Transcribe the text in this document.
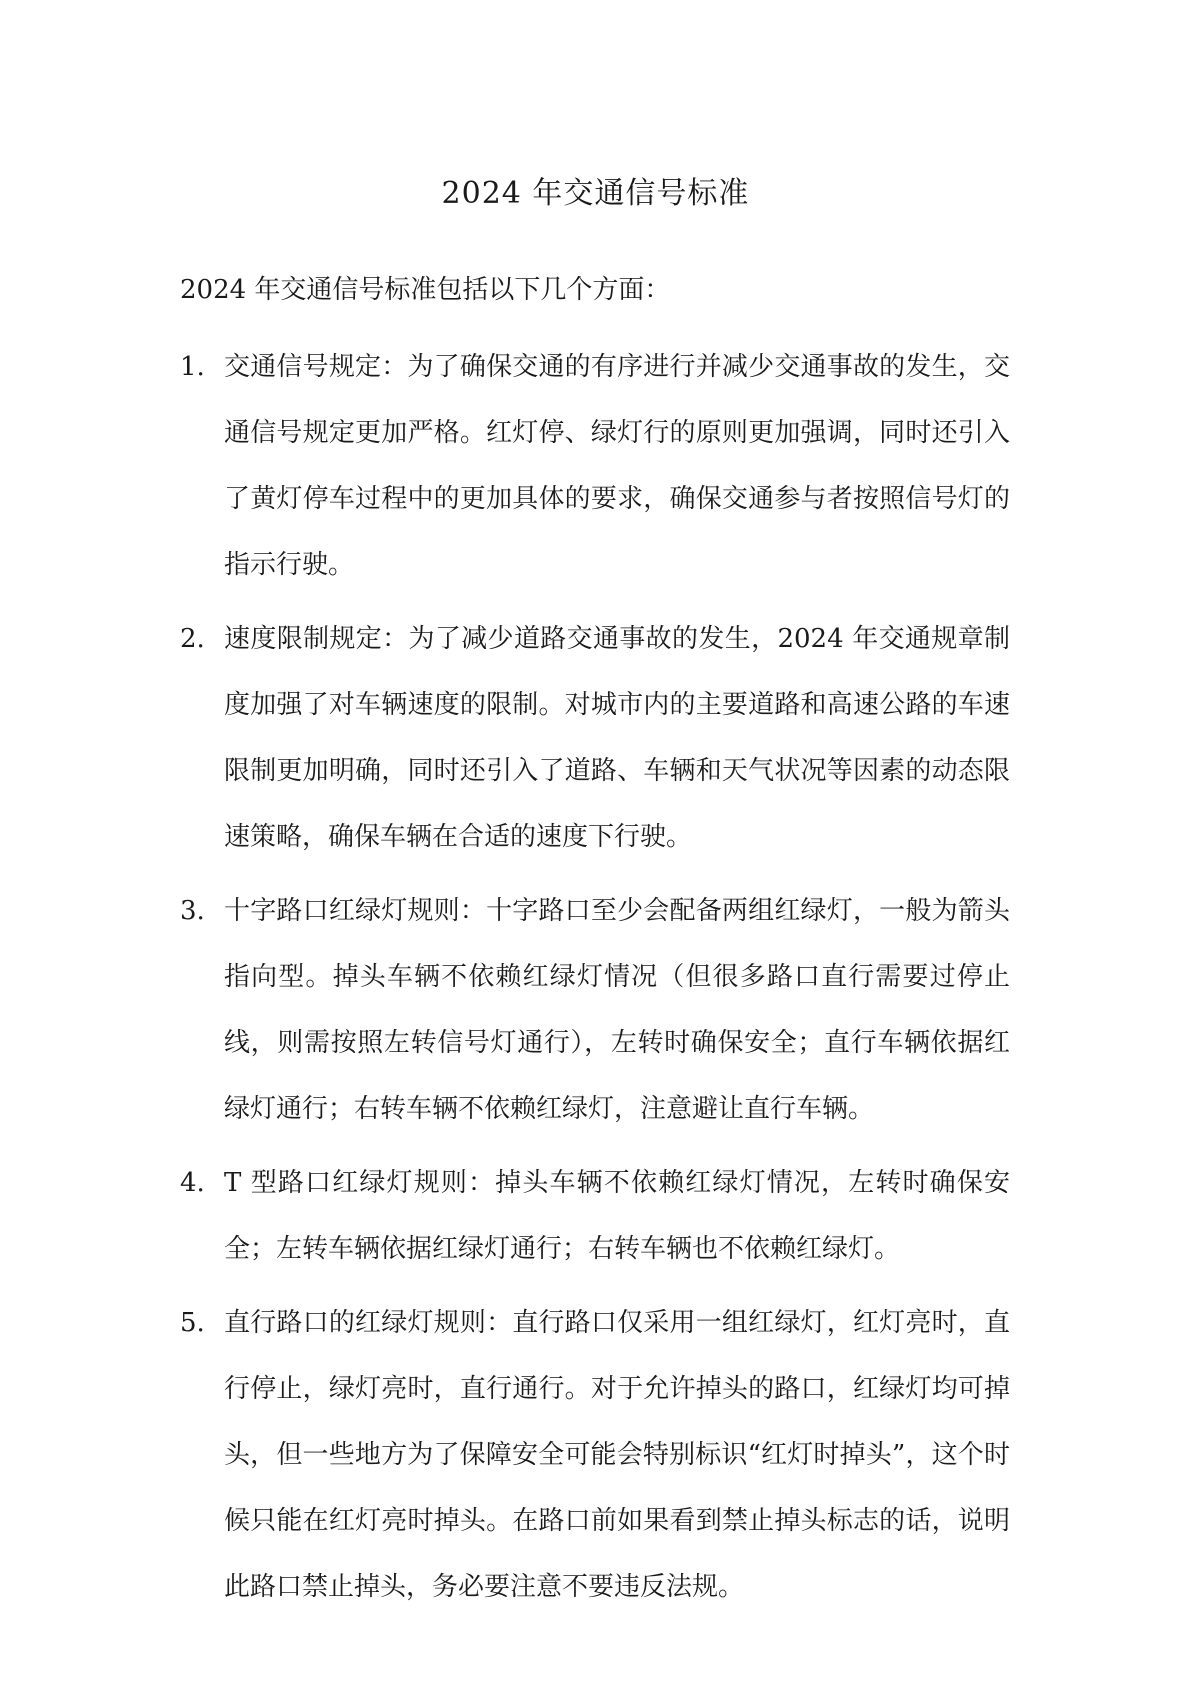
2024 年交通信号标准
2024 年交通信号标准包括以下几个方面：
1. 交通信号规定：为了确保交通的有序进行并减少交通事故的发生，交通信号规定更加严格。红灯停、绿灯行的原则更加强调，同时还引入了黄灯停车过程中的更加具体的要求，确保交通参与者按照信号灯的指示行驶。
2. 速度限制规定：为了减少道路交通事故的发生，2024 年交通规章制度加强了对车辆速度的限制。对城市内的主要道路和高速公路的车速限制更加明确，同时还引入了道路、车辆和天气状况等因素的动态限速策略，确保车辆在合适的速度下行驶。
3. 十字路口红绿灯规则：十字路口至少会配备两组红绿灯，一般为箭头指向型。掉头车辆不依赖红绿灯情况（但很多路口直行需要过停止线，则需按照左转信号灯通行），左转时确保安全；直行车辆依据红绿灯通行；右转车辆不依赖红绿灯，注意避让直行车辆。
4. T 型路口红绿灯规则：掉头车辆不依赖红绿灯情况，左转时确保安全；左转车辆依据红绿灯通行；右转车辆也不依赖红绿灯。
5. 直行路口的红绿灯规则：直行路口仅采用一组红绿灯，红灯亮时，直行停止，绿灯亮时，直行通行。对于允许掉头的路口，红绿灯均可掉头，但一些地方为了保障安全可能会特别标识“红灯时掉头”，这个时候只能在红灯亮时掉头。在路口前如果看到禁止掉头标志的话，说明此路口禁止掉头，务必要注意不要违反法规。
